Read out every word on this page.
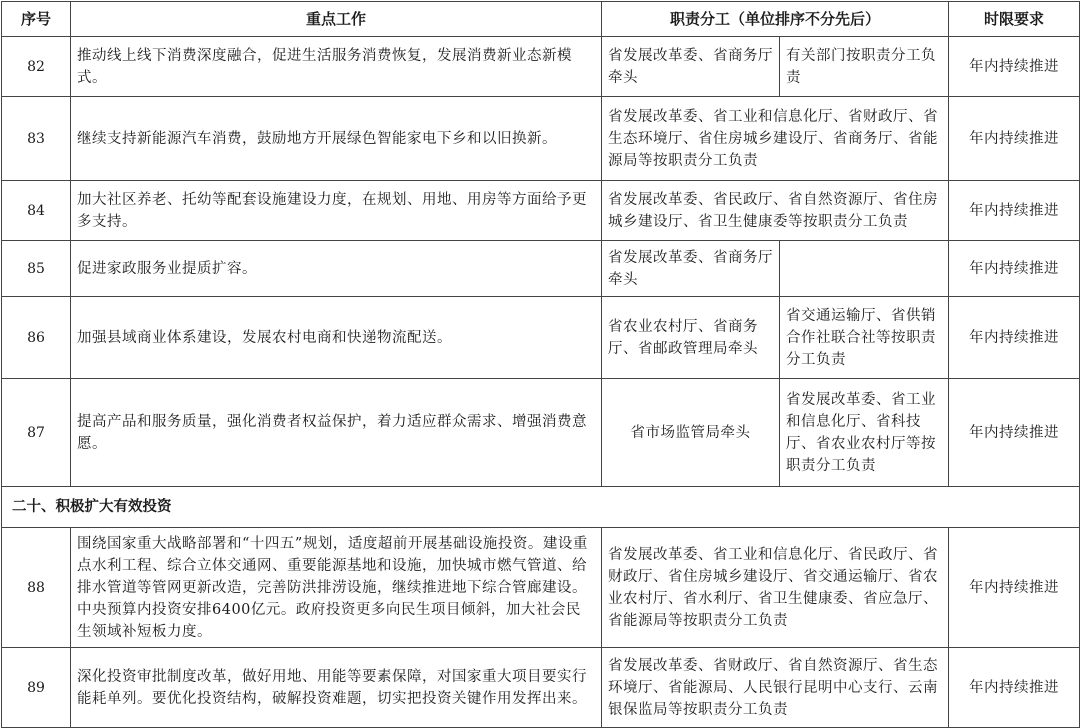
序号	重点工作	职责分工（单位排序不分先后）		时限要求
82	推动线上线下消费深度融合，促进生活服务消费恢复，发展消费新业态新模式。	省发展改革委、省商务厅牵头	有关部门按职责分工负责	年内持续推进
83	继续支持新能源汽车消费，鼓励地方开展绿色智能家电下乡和以旧换新。	省发展改革委、省工业和信息化厅、省财政厅、省生态环境厅、省住房城乡建设厅、省商务厅、省能源局等按职责分工负责		年内持续推进
84	加大社区养老、托幼等配套设施建设力度，在规划、用地、用房等方面给予更多支持。	省发展改革委、省民政厅、省自然资源厅、省住房城乡建设厅、省卫生健康委等按职责分工负责		年内持续推进
85	促进家政服务业提质扩容。	省发展改革委、省商务厅牵头		年内持续推进
86	加强县域商业体系建设，发展农村电商和快递物流配送。	省农业农村厅、省商务厅、省邮政管理局牵头	省交通运输厅、省供销合作社联合社等按职责分工负责	年内持续推进
87	提高产品和服务质量，强化消费者权益保护，着力适应群众需求、增强消费意愿。	省市场监管局牵头	省发展改革委、省工业和信息化厅、省科技厅、省农业农村厅等按职责分工负责	年内持续推进
二十、积极扩大有效投资				
88	围绕国家重大战略部署和“十四五”规划，适度超前开展基础设施投资。建设重点水利工程、综合立体交通网、重要能源基地和设施，加快城市燃气管道、给排水管道等管网更新改造，完善防洪排涝设施，继续推进地下综合管廊建设。中央预算内投资安排6400亿元。政府投资更多向民生项目倾斜，加大社会民生领域补短板力度。	省发展改革委、省工业和信息化厅、省民政厅、省财政厅、省住房城乡建设厅、省交通运输厅、省农业农村厅、省水利厅、省卫生健康委、省应急厅、省能源局等按职责分工负责		年内持续推进
89	深化投资审批制度改革，做好用地、用能等要素保障，对国家重大项目要实行能耗单列。要优化投资结构，破解投资难题，切实把投资关键作用发挥出来。	省发展改革委、省财政厅、省自然资源厅、省生态环境厅、省能源局、人民银行昆明中心支行、云南银保监局等按职责分工负责		年内持续推进
